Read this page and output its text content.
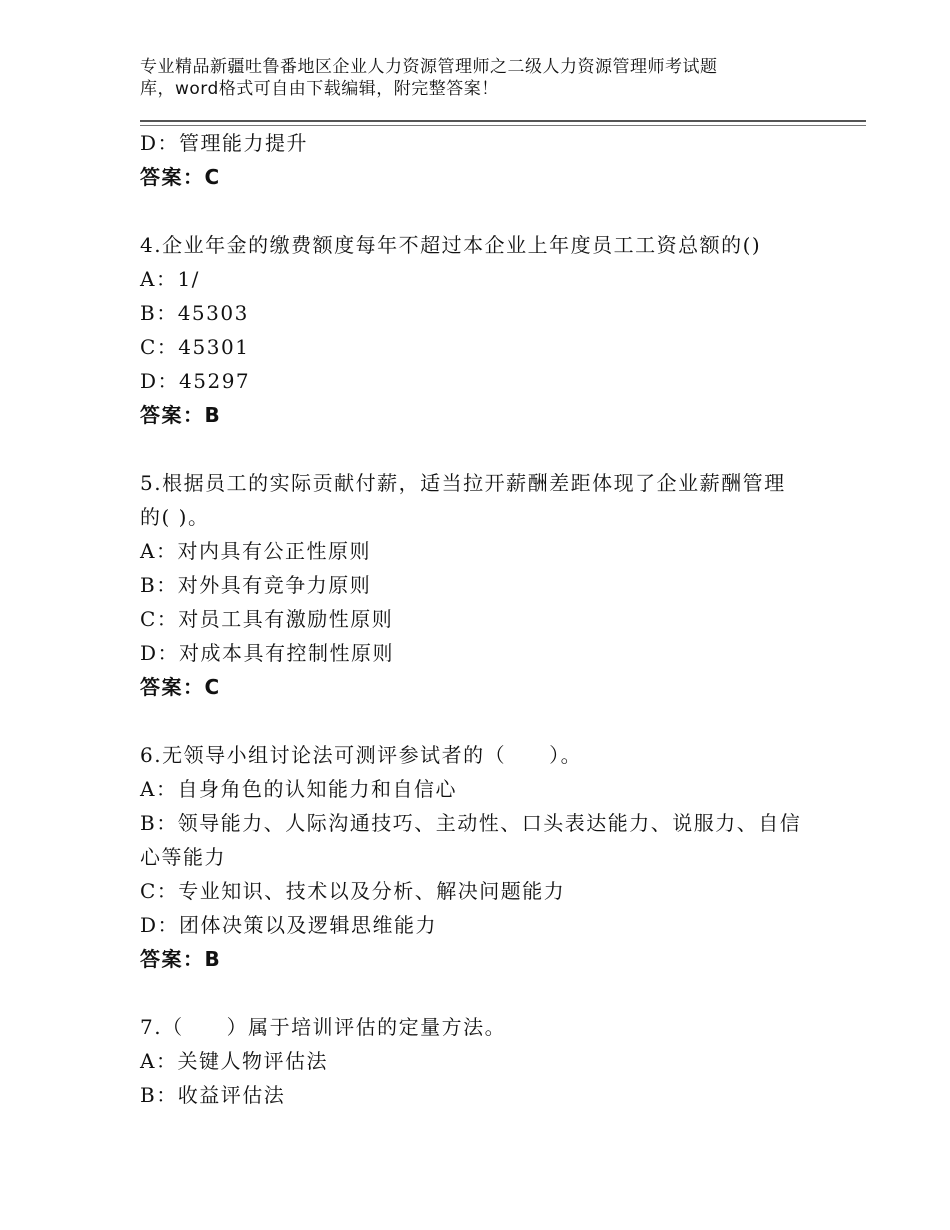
专业精品新疆吐鲁番地区企业人力资源管理师之二级人力资源管理师考试题
库，word格式可自由下载编辑，附完整答案！
D：管理能力提升
答案：C
4.企业年金的缴费额度每年不超过本企业上年度员工工资总额的()
A：1/
B：45303
C：45301
D：45297
答案：B
5.根据员工的实际贡献付薪，适当拉开薪酬差距体现了企业薪酬管理
的( )。
A：对内具有公正性原则
B：对外具有竞争力原则
C：对员工具有激励性原则
D：对成本具有控制性原则
答案：C
6.无领导小组讨论法可测评参试者的（　　）。
A：自身角色的认知能力和自信心
B：领导能力、人际沟通技巧、主动性、口头表达能力、说服力、自信
心等能力
C：专业知识、技术以及分析、解决问题能力
D：团体决策以及逻辑思维能力
答案：B
7.（　　）属于培训评估的定量方法。
A：关键人物评估法
B：收益评估法
